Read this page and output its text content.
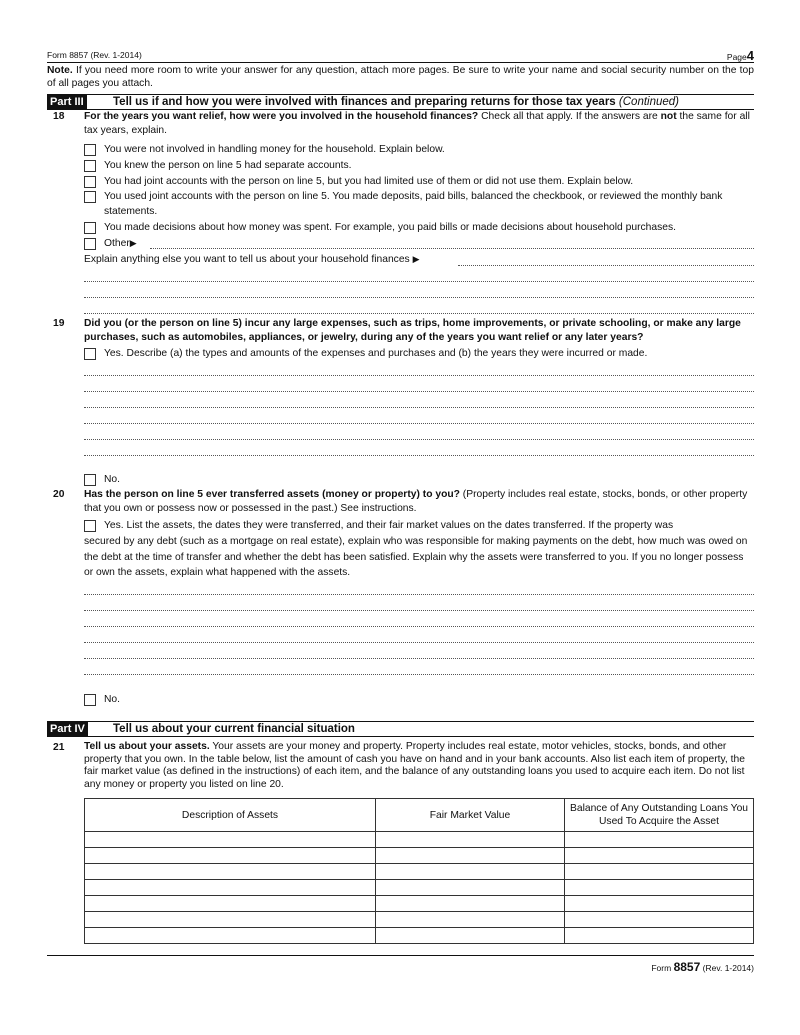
Form 8857 (Rev. 1-2014)	Page4
Note. If you need more room to write your answer for any question, attach more pages. Be sure to write your name and social security number on the top of all pages you attach.
Part III	Tell us if and how you were involved with finances and preparing returns for those tax years (Continued)
18 For the years you want relief, how were you involved in the household finances? Check all that apply. If the answers are not the same for all tax years, explain.
You were not involved in handling money for the household. Explain below.
You knew the person on line 5 had separate accounts.
You had joint accounts with the person on line 5, but you had limited use of them or did not use them. Explain below.
You used joint accounts with the person on line 5. You made deposits, paid bills, balanced the checkbook, or reviewed the monthly bank statements.
You made decisions about how money was spent. For example, you paid bills or made decisions about household purchases.
Other ▶
Explain anything else you want to tell us about your household finances ▶
19 Did you (or the person on line 5) incur any large expenses, such as trips, home improvements, or private schooling, or make any large purchases, such as automobiles, appliances, or jewelry, during any of the years you want relief or any later years?
Yes. Describe (a) the types and amounts of the expenses and purchases and (b) the years they were incurred or made.
No.
20 Has the person on line 5 ever transferred assets (money or property) to you? (Property includes real estate, stocks, bonds, or other property that you own or possess now or possessed in the past.) See instructions.
Yes. List the assets, the dates they were transferred, and their fair market values on the dates transferred. If the property was
secured by any debt (such as a mortgage on real estate), explain who was responsible for making payments on the debt, how much was owed on the debt at the time of transfer and whether the debt has been satisfied. Explain why the assets were transferred to you. If you no longer possess or own the assets, explain what happened with the assets.
No.
Part IV Tell us about your current financial situation
21 Tell us about your assets. Your assets are your money and property. Property includes real estate, motor vehicles, stocks, bonds, and other property that you own. In the table below, list the amount of cash you have on hand and in your bank accounts. Also list each item of property, the fair market value (as defined in the instructions) of each item, and the balance of any outstanding loans you used to acquire each item. Do not list any money or property you listed on line 20.
Description of Assets	Fair Market Value	Balance of Any Outstanding Loans You Used To Acquire the Asset

Form 8857 (Rev. 1-2014)
